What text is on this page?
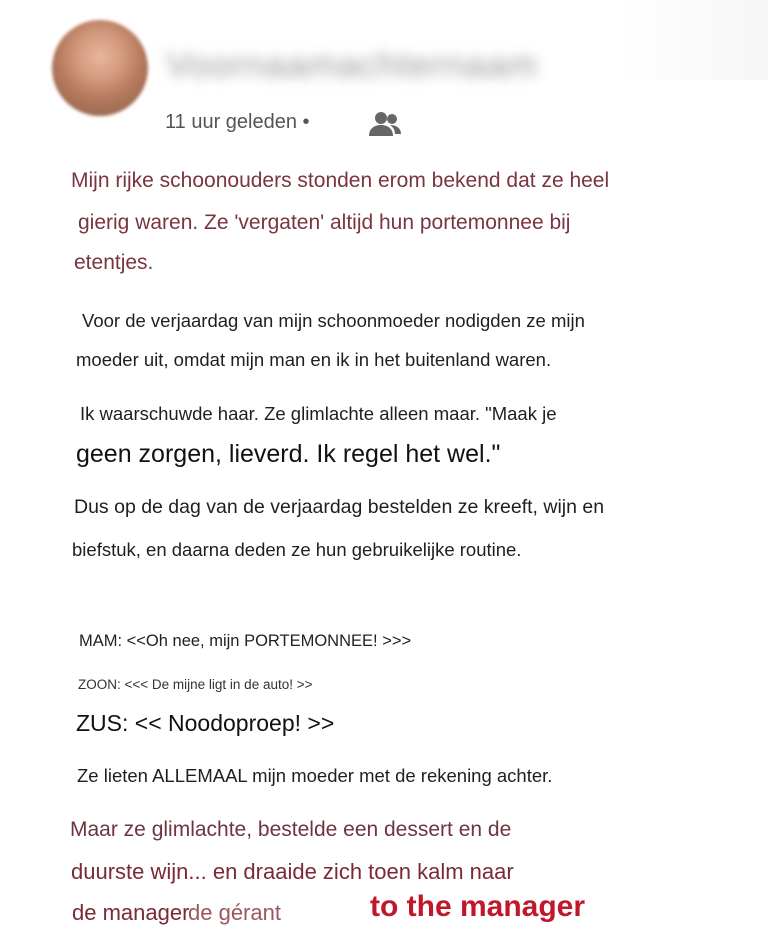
Voornaamachternaam
11 uur geleden •
Mijn rijke schoonouders stonden erom bekend dat ze heel
gierig waren. Ze 'vergaten' altijd hun portemonnee bij
etentjes.
Voor de verjaardag van mijn schoonmoeder nodigden ze mijn
moeder uit, omdat mijn man en ik in het buitenland waren.
Ik waarschuwde haar. Ze glimlachte alleen maar. "Maak je
geen zorgen, lieverd. Ik regel het wel."
Dus op de dag van de verjaardag bestelden ze kreeft, wijn en
biefstuk, en daarna deden ze hun gebruikelijke routine.
MAM: <<Oh nee, mijn PORTEMONNEE! >>>
ZOON: <<< De mijne ligt in de auto! >>
ZUS: << Noodoproep! >>
Ze lieten ALLEMAAL mijn moeder met de rekening achter.
Maar ze glimlachte, bestelde een dessert en de
duurste wijn... en draaide zich toen kalm naar
de manager
de gérant	to the manager
